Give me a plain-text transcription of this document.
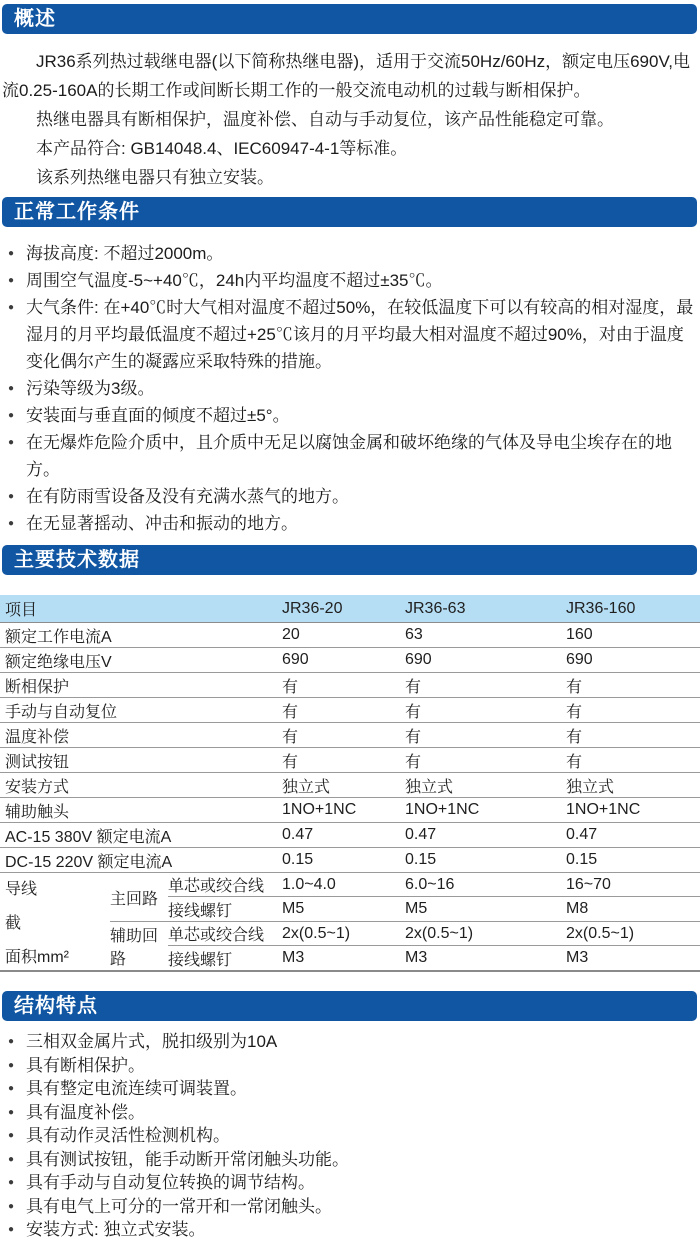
概述

JR36系列热过载继电器(以下简称热继电器)，适用于交流50Hz/60Hz，额定电压690V,电流0.25-160A的长期工作或间断长期工作的一般交流电动机的过载与断相保护。

热继电器具有断相保护，温度补偿、自动与手动复位，该产品性能稳定可靠。

本产品符合: GB14048.4、IEC60947-4-1等标准。

该系列热继电器只有独立安装。

正常工作条件
● 海拔高度: 不超过2000m。
● 周围空气温度-5~+40℃，24h内平均温度不超过±35℃。
● 大气条件: 在+40℃时大气相对温度不超过50%，在较低温度下可以有较高的相对湿度，最湿月的月平均最低温度不超过+25℃该月的月平均最大相对温度不超过90%，对由于温度变化偶尔产生的凝露应采取特殊的措施。
● 污染等级为3级。
● 安装面与垂直面的倾度不超过±5°。
● 在无爆炸危险介质中，且介质中无足以腐蚀金属和破坏绝缘的气体及导电尘埃存在的地方。
● 在有防雨雪设备及没有充满水蒸气的地方。
● 在无显著摇动、冲击和振动的地方。
主要技术数据
项目	JR36-20	JR36-63	JR36-160
额定工作电流A	20	63	160
额定绝缘电压V	690	690	690
断相保护	有	有	有
手动与自动复位	有	有	有
温度补偿	有	有	有
测试按钮	有	有	有
安装方式	独立式	独立式	独立式
辅助触头	1NO+1NC	1NO+1NC	1NO+1NC
AC-15 380V 额定电流A	0.47	0.47	0.47
DC-15 220V 额定电流A	0.15	0.15	0.15
导线
截
面积mm²
主回路
单芯或绞合线	1.0~4.0	6.0~16	16~70
接线螺钉	M5	M5	M8
辅助回路
单芯或绞合线	2x(0.5~1)	2x(0.5~1)	2x(0.5~1)
接线螺钉	M3	M3	M3
结构特点
● 三相双金属片式，脱扣级别为10A
● 具有断相保护。
● 具有整定电流连续可调装置。
● 具有温度补偿。
● 具有动作灵活性检测机构。
● 具有测试按钮，能手动断开常闭触头功能。
● 具有手动与自动复位转换的调节结构。
● 具有电气上可分的一常开和一常闭触头。
● 安装方式: 独立式安装。
